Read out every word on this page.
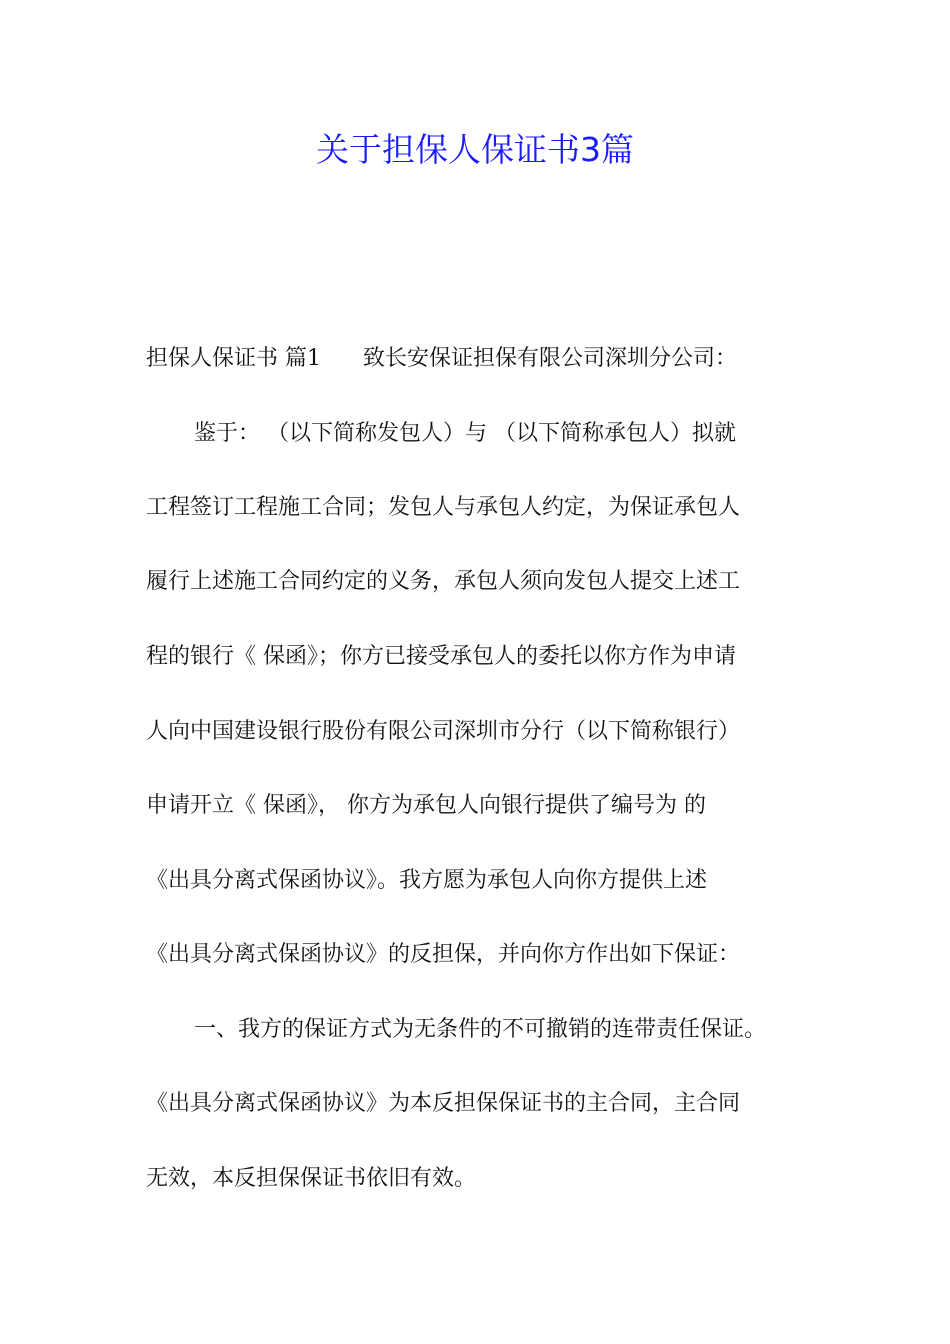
关于担保人保证书3篇

担保人保证书 篇1 致长安保证担保有限公司深圳分公司：

鉴于： （以下简称发包人）与 （以下简称承包人）拟就

工程签订工程施工合同；发包人与承包人约定，为保证承包人

履行上述施工合同约定的义务，承包人须向发包人提交上述工

程的银行《 保函》；你方已接受承包人的委托以你方作为申请

人向中国建设银行股份有限公司深圳市分行（以下简称银行）

申请开立《 保函》， 你方为承包人向银行提供了编号为 的

《出具分离式保函协议》。我方愿为承包人向你方提供上述

《出具分离式保函协议》的反担保，并向你方作出如下保证：

一、我方的保证方式为无条件的不可撤销的连带责任保证。

《出具分离式保函协议》为本反担保保证书的主合同，主合同

无效，本反担保保证书依旧有效。
